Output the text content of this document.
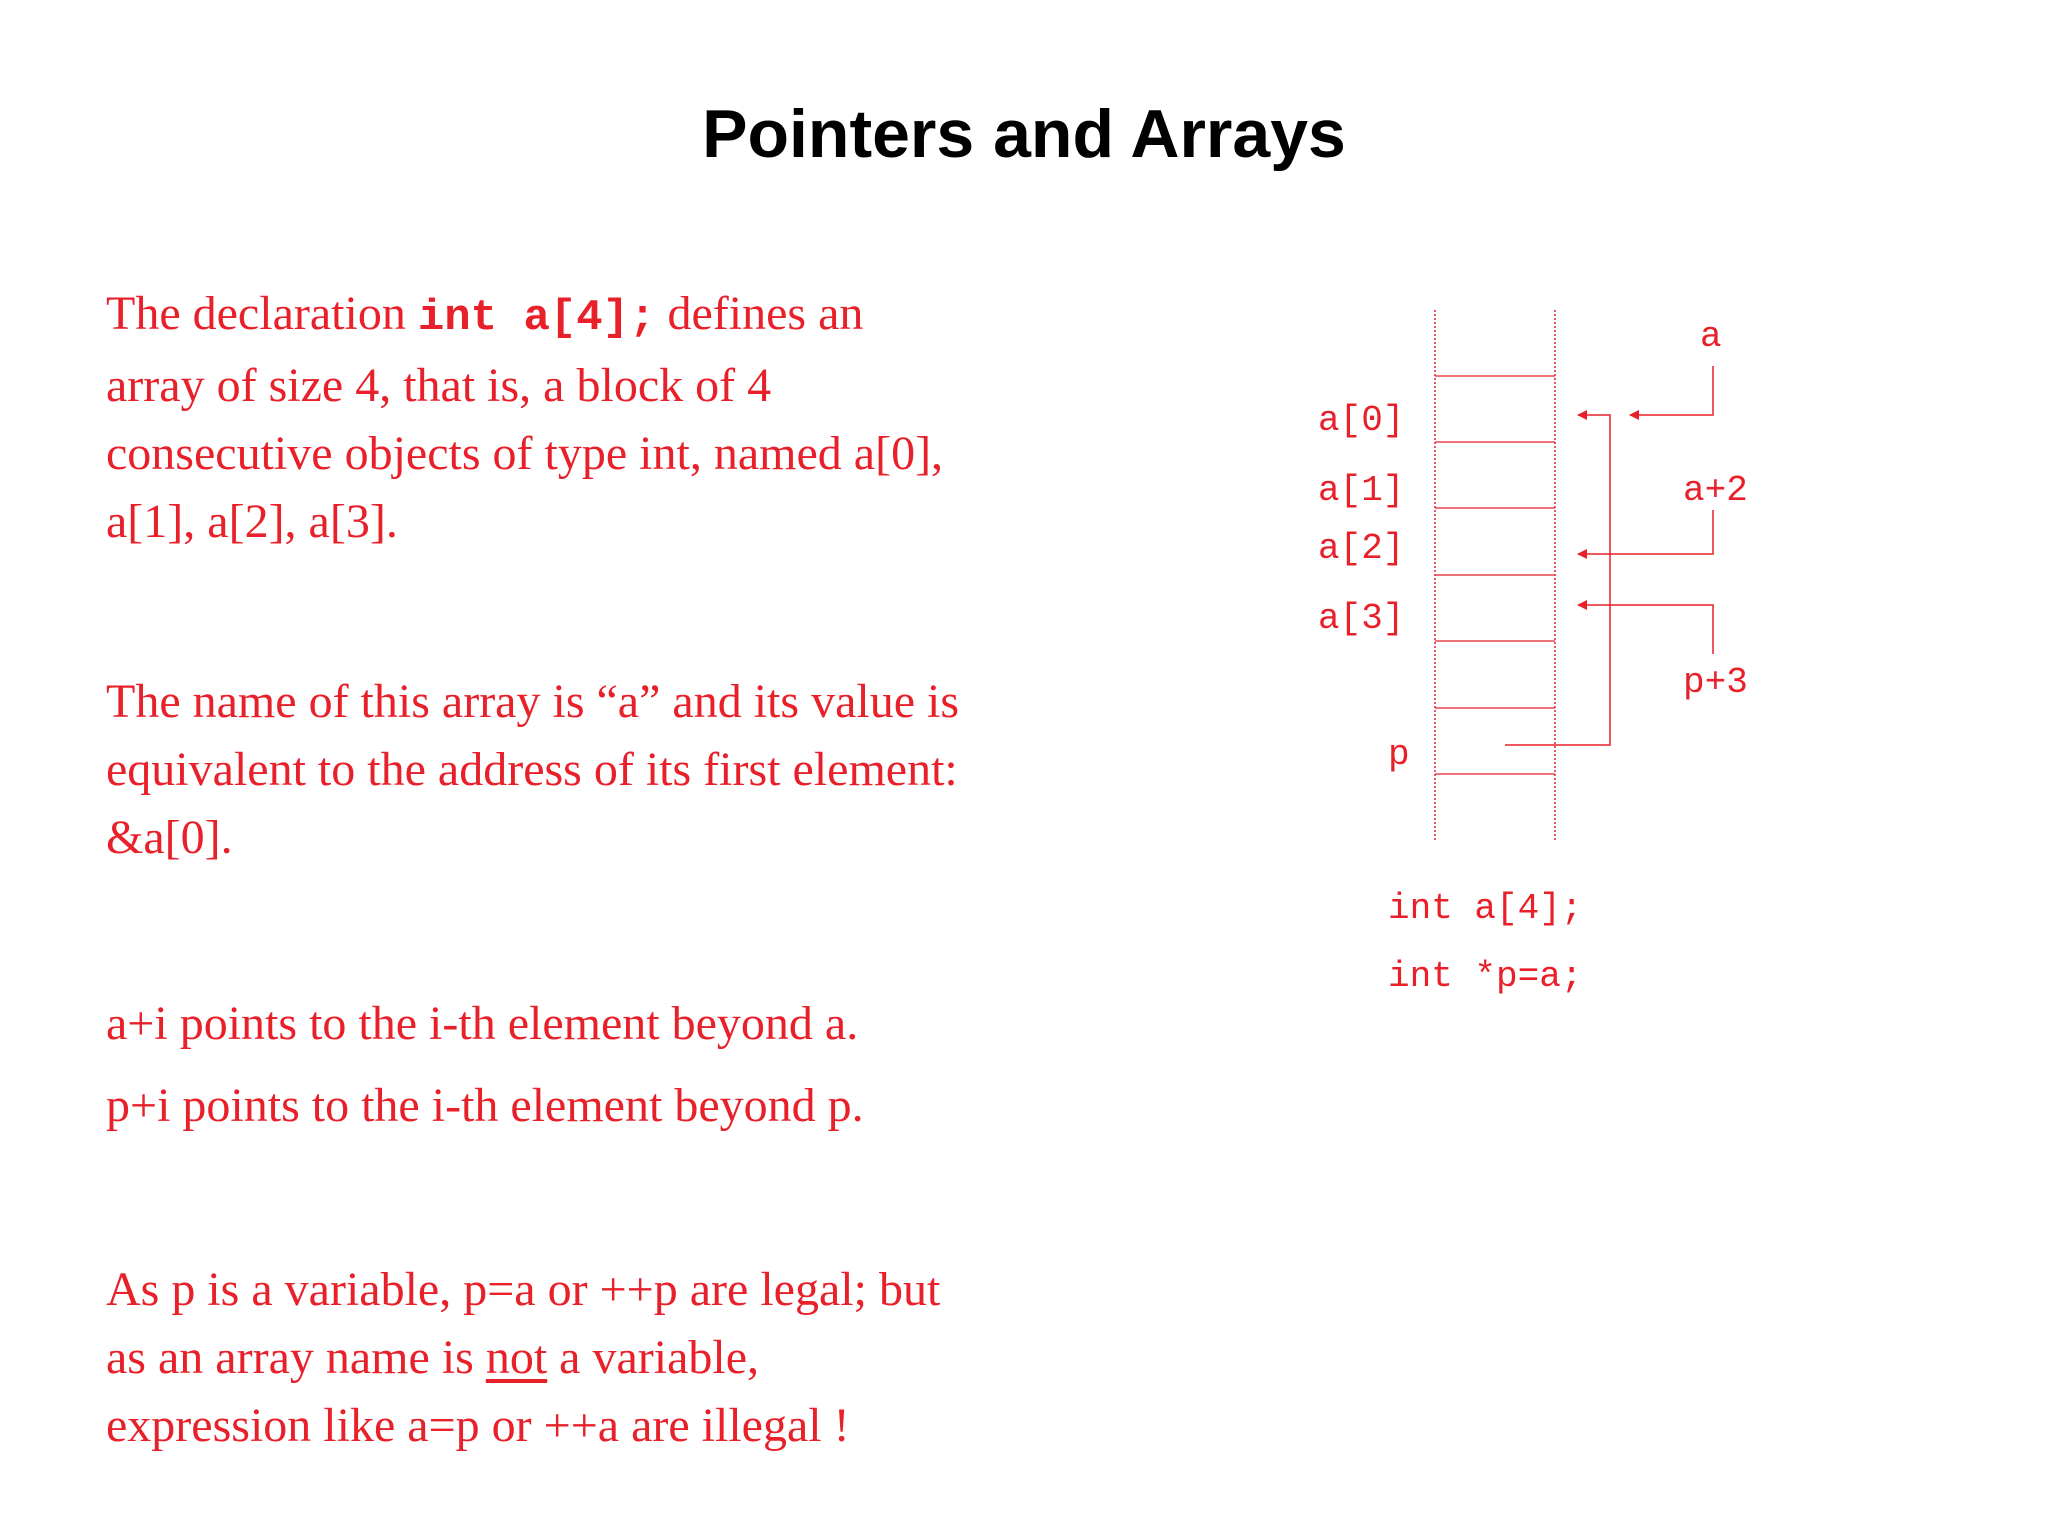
Pointers and Arrays

The declaration int a[4]; defines an array of size 4, that is, a block of 4 consecutive objects of type int, named a[0], a[1], a[2], a[3].

The name of this array is “a” and its value is equivalent to the address of its first element: &a[0].

a+i points to the i-th element beyond a.

p+i points to the i-th element beyond p.

As p is a variable, p=a or ++p are legal; but as an array name is not a variable, expression like a=p or ++a are illegal !

a[0]
a[1]
a[2]
a[3]
p
a
a+2
p+3
int a[4];
int *p=a;
